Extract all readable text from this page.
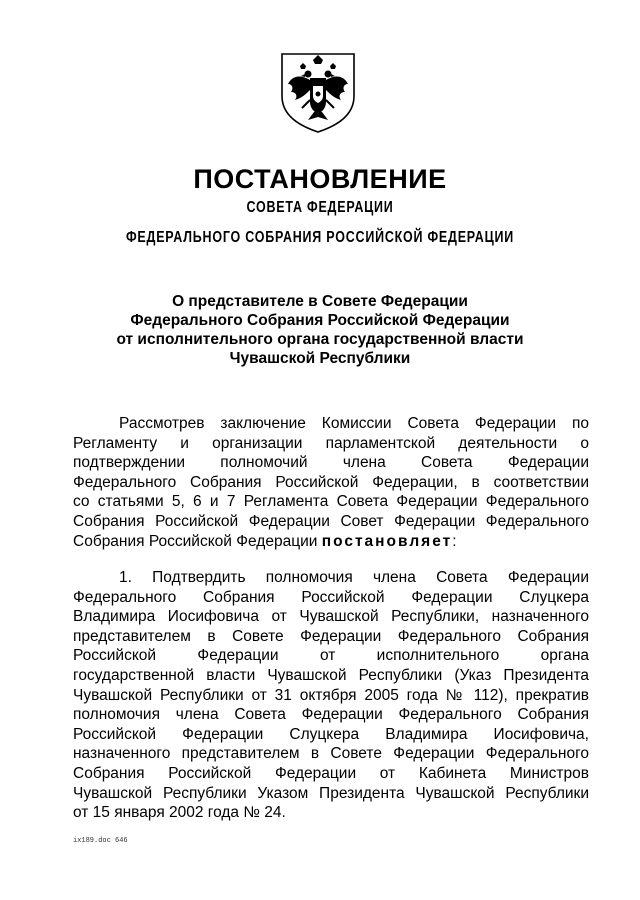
ПОСТАНОВЛЕНИЕ
СОВЕТА ФЕДЕРАЦИИ
ФЕДЕРАЛЬНОГО СОБРАНИЯ РОССИЙСКОЙ ФЕДЕРАЦИИ
О представителе в Совете Федерации
Федерального Собрания Российской Федерации
от исполнительного органа государственной власти
Чувашской Республики
Рассмотрев заключение Комиссии Совета Федерации по
Регламенту и организации парламентской деятельности о
подтверждении полномочий члена Совета Федерации
Федерального Собрания Российской Федерации, в соответствии
со статьями 5, 6 и 7 Регламента Совета Федерации Федерального
Собрания Российской Федерации Совет Федерации Федерального
Собрания Российской Федерации постановляет:
1. Подтвердить полномочия члена Совета Федерации
Федерального Собрания Российской Федерации Слуцкера
Владимира Иосифовича от Чувашской Республики, назначенного
представителем в Совете Федерации Федерального Собрания
Российской Федерации от исполнительного органа
государственной власти Чувашской Республики (Указ Президента
Чувашской Республики от 31 октября 2005 года № 112), прекратив
полномочия члена Совета Федерации Федерального Собрания
Российской Федерации Слуцкера Владимира Иосифовича,
назначенного представителем в Совете Федерации Федерального
Собрания Российской Федерации от Кабинета Министров
Чувашской Республики Указом Президента Чувашской Республики
от 15 января 2002 года № 24.
ix189.doc 646
